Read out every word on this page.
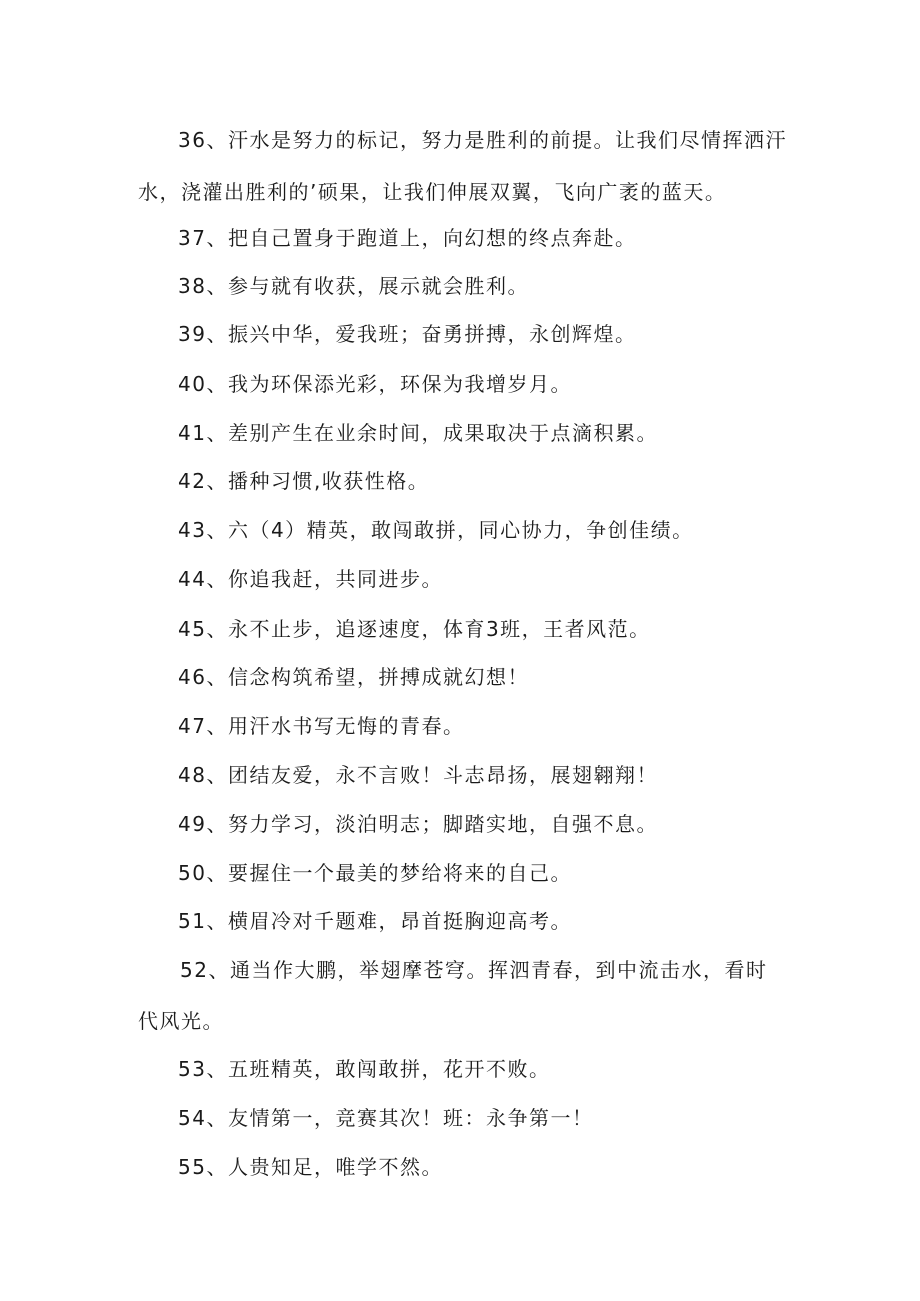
36、汗水是努力的标记，努力是胜利的前提。让我们尽情挥洒汗
水，浇灌出胜利的’硕果，让我们伸展双翼，飞向广袤的蓝天。
37、把自己置身于跑道上，向幻想的终点奔赴。
38、参与就有收获，展示就会胜利。
39、振兴中华，爱我班；奋勇拼搏，永创辉煌。
40、我为环保添光彩，环保为我增岁月。
41、差别产生在业余时间，成果取决于点滴积累。
42、播种习惯,收获性格。
43、六（4）精英，敢闯敢拼，同心协力，争创佳绩。
44、你追我赶，共同进步。
45、永不止步，追逐速度，体育3班，王者风范。
46、信念构筑希望，拼搏成就幻想！
47、用汗水书写无悔的青春。
48、团结友爱，永不言败！斗志昂扬，展翅翱翔！
49、努力学习，淡泊明志；脚踏实地，自强不息。
50、要握住一个最美的梦给将来的自己。
51、横眉冷对千题难，昂首挺胸迎高考。
52、通当作大鹏，举翅摩苍穹。挥泗青春，到中流击水，看时
代风光。
53、五班精英，敢闯敢拼，花开不败。
54、友情第一，竞赛其次！班：永争第一！
55、人贵知足，唯学不然。
